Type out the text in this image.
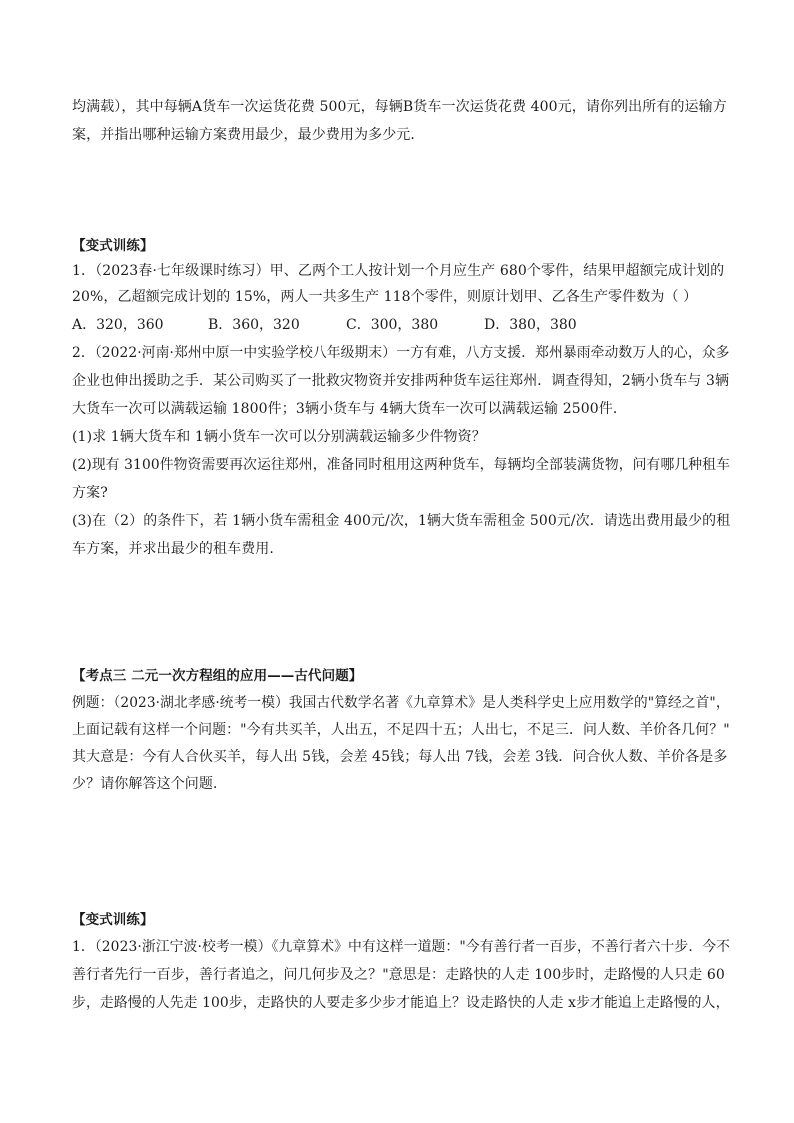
均满载），其中每辆A货车一次运货花费 500元，每辆B货车一次运货花费 400元，请你列出所有的运输方
案，并指出哪种运输方案费用最少，最少费用为多少元．
【变式训练】
1．（2023春·七年级课时练习）甲、乙两个工人按计划一个月应生产 680个零件，结果甲超额完成计划的
20%，乙超额完成计划的 15%，两人一共多生产 118个零件，则原计划甲、乙各生产零件数为（ ）
A．320，360	B．360，320	C．300，380	D．380，380
2．（2022·河南·郑州中原一中实验学校八年级期末）一方有难，八方支援．郑州暴雨牵动数万人的心，众多
企业也伸出援助之手．某公司购买了一批救灾物资并安排两种货车运往郑州．调查得知，2辆小货车与 3辆
大货车一次可以满载运输 1800件；3辆小货车与 4辆大货车一次可以满载运输 2500件．
(1)求 1辆大货车和 1辆小货车一次可以分别满载运输多少件物资？
(2)现有 3100件物资需要再次运往郑州，准备同时租用这两种货车，每辆均全部装满货物，问有哪几种租车
方案?
(3)在（2）的条件下，若 1辆小货车需租金 400元/次，1辆大货车需租金 500元/次．请选出费用最少的租
车方案，并求出最少的租车费用.
【考点三 二元一次方程组的应用——古代问题】
例题：（2023·湖北孝感·统考一模）我国古代数学名著《九章算术》是人类科学史上应用数学的"算经之首"，
上面记载有这样一个问题："今有共买羊，人出五，不足四十五；人出七，不足三．问人数、羊价各几何？"
其大意是：今有人合伙买羊，每人出 5钱，会差 45钱；每人出 7钱，会差 3钱．问合伙人数、羊价各是多
少？请你解答这个问题．
【变式训练】
1．（2023·浙江宁波·校考一模）《九章算术》中有这样一道题："今有善行者一百步，不善行者六十步．今不
善行者先行一百步，善行者追之，问几何步及之？"意思是：走路快的人走 100步时，走路慢的人只走 60
步，走路慢的人先走 100步，走路快的人要走多少步才能追上？设走路快的人走 x步才能追上走路慢的人，
